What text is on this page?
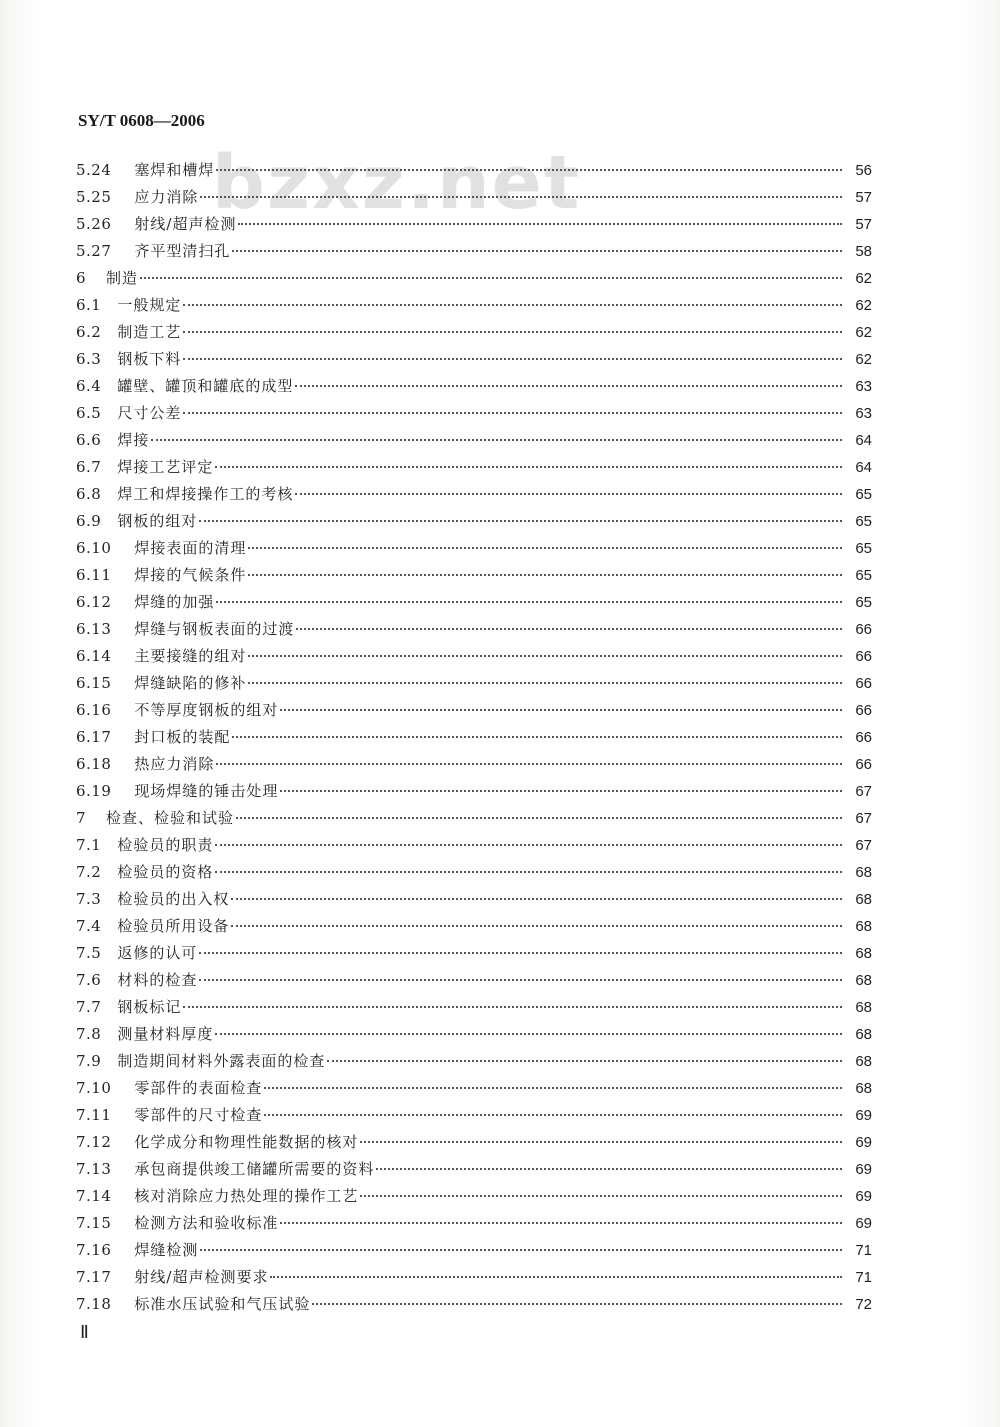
bzxz.net
SY/T 0608—2006
5.24 塞焊和槽焊	56
5.25 应力消除	57
5.26 射线/超声检测	57
5.27 齐平型清扫孔	58
6 制造	62
6.1 一般规定	62
6.2 制造工艺	62
6.3 钢板下料	62
6.4 罐壁、罐顶和罐底的成型	63
6.5 尺寸公差	63
6.6 焊接	64
6.7 焊接工艺评定	64
6.8 焊工和焊接操作工的考核	65
6.9 钢板的组对	65
6.10 焊接表面的清理	65
6.11 焊接的气候条件	65
6.12 焊缝的加强	65
6.13 焊缝与钢板表面的过渡	66
6.14 主要接缝的组对	66
6.15 焊缝缺陷的修补	66
6.16 不等厚度钢板的组对	66
6.17 封口板的装配	66
6.18 热应力消除	66
6.19 现场焊缝的锤击处理	67
7 检查、检验和试验	67
7.1 检验员的职责	67
7.2 检验员的资格	68
7.3 检验员的出入权	68
7.4 检验员所用设备	68
7.5 返修的认可	68
7.6 材料的检查	68
7.7 钢板标记	68
7.8 测量材料厚度	68
7.9 制造期间材料外露表面的检查	68
7.10 零部件的表面检查	68
7.11 零部件的尺寸检查	69
7.12 化学成分和物理性能数据的核对	69
7.13 承包商提供竣工储罐所需要的资料	69
7.14 核对消除应力热处理的操作工艺	69
7.15 检测方法和验收标准	69
7.16 焊缝检测	71
7.17 射线/超声检测要求	71
7.18 标准水压试验和气压试验	72
Ⅱ
